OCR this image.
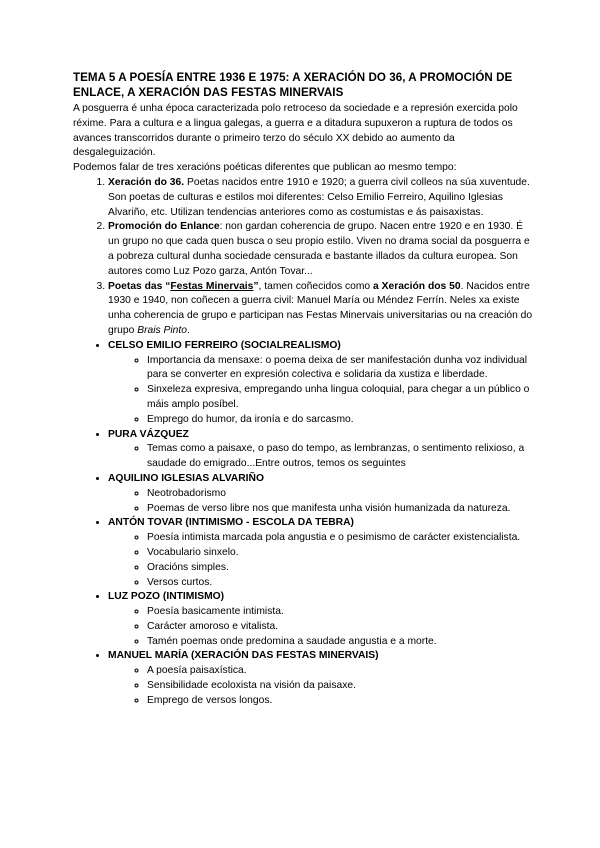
TEMA 5 A POESÍA ENTRE 1936 E 1975: A XERACIÓN DO 36, A PROMOCIÓN DE ENLACE, A XERACIÓN DAS FESTAS MINERVAIS

A posguerra é unha época caracterizada polo retroceso da sociedade e a represión exercida polo réxime. Para a cultura e a lingua galegas, a guerra e a ditadura supuxeron a ruptura de todos os avances transcorridos durante o primeiro terzo do século XX debido ao aumento da desgaleguización.

Podemos falar de tres xeracións poéticas diferentes que publican ao mesmo tempo:

1. Xeración do 36. Poetas nacidos entre 1910 e 1920; a guerra civil colleos na súa xuventude. Son poetas de culturas e estilos moi diferentes: Celso Emilio Ferreiro, Aquilino Iglesias Alvariño, etc. Utilizan tendencias anteriores como as costumistas e ás paisaxistas.
2. Promoción do Enlance: non gardan coherencia de grupo. Nacen entre 1920 e en 1930. É un grupo no que cada quen busca o seu propio estilo. Viven no drama social da posguerra e a pobreza cultural dunha sociedade censurada e bastante illados da cultura europea. Son autores como Luz Pozo garza, Antón Tovar...
3. Poetas das “Festas Minervais”, tamen coñecidos como a Xeración dos 50. Nacidos entre 1930 e 1940, non coñecen a guerra civil: Manuel María ou Méndez Ferrín. Neles xa existe unha coherencia de grupo e participan nas Festas Minervais universitarias ou na creación do grupo Brais Pinto.
• CELSO EMILIO FERREIRO (SOCIALREALISMO)
◦ Importancia da mensaxe: o poema deixa de ser manifestación dunha voz individual para se converter en expresión colectiva e solidaria da xustiza e liberdade.
◦ Sinxeleza expresiva, empregando unha lingua coloquial, para chegar a un público o máis amplo posíbel.
◦ Emprego do humor, da ironía e do sarcasmo.
• PURA VÁZQUEZ
◦ Temas como a paisaxe, o paso do tempo, as lembranzas, o sentimento relixioso, a saudade do emigrado...Entre outros, temos os seguintes
• AQUILINO IGLESIAS ALVARIÑO
◦ Neotrobadorismo
◦ Poemas de verso libre nos que manifesta unha visión humanizada da natureza.
• ANTÓN TOVAR (INTIMISMO - ESCOLA DA TEBRA)
◦ Poesía intimista marcada pola angustia e o pesimismo de carácter existencialista.
◦ Vocabulario sinxelo.
◦ Oracións simples.
◦ Versos curtos.
• LUZ POZO (INTIMISMO)
◦ Poesía basicamente intimista.
◦ Carácter amoroso e vitalista.
◦ Tamén poemas onde predomina a saudade angustia e a morte.
• MANUEL MARÍA (XERACIÓN DAS FESTAS MINERVAIS)
◦ A poesía paisaxística.
◦ Sensibilidade ecoloxista na visión da paisaxe.
◦ Emprego de versos longos.
